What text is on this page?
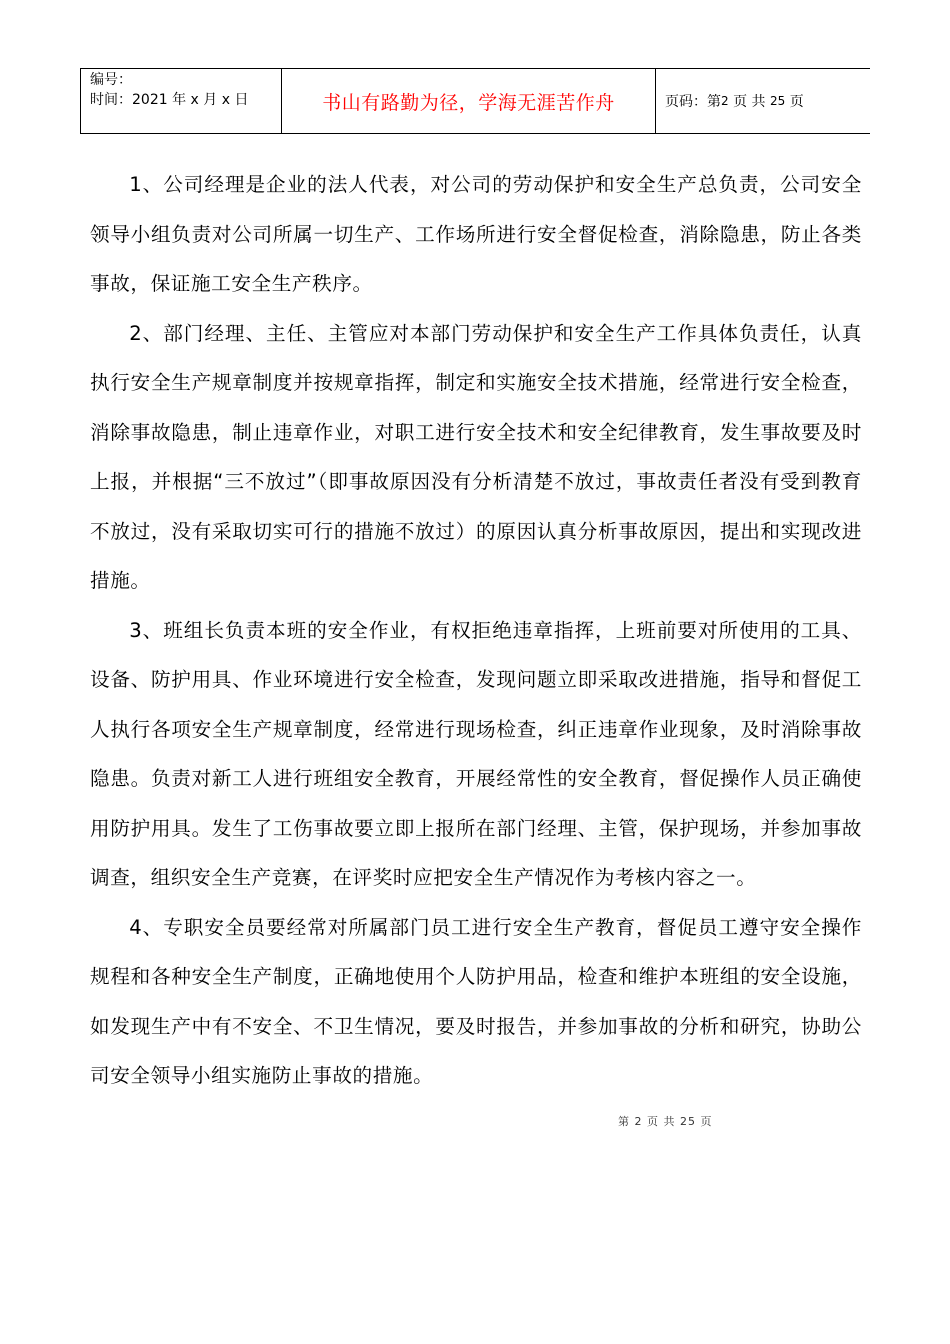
编号：
时间：2021 年 x 月 x 日	书山有路勤为径，学海无涯苦作舟	页码：第 2
页 共
25
页

1、公司经理是企业的法人代表，对公司的劳动保护和安全生产总负责，公司安全领导小组负责对公司所属一切生产、工作场所进行安全督促检查，消除隐患，防止各类事故，保证施工安全生产秩序。

2、部门经理、主任、主管应对本部门劳动保护和安全生产工作具体负责任，认真执行安全生产规章制度并按规章指挥，制定和实施安全技术措施，经常进行安全检查，消除事故隐患，制止违章作业，对职工进行安全技术和安全纪律教育，发生事故要及时上报，并根据“三不放过”（即事故原因没有分析清楚不放过，事故责任者没有受到教育不放过，没有采取切实可行的措施不放过）的原因认真分析事故原因，提出和实现改进措施。

3、班组长负责本班的安全作业，有权拒绝违章指挥，上班前要对所使用的工具、设备、防护用具、作业环境进行安全检查，发现问题立即采取改进措施，指导和督促工人执行各项安全生产规章制度，经常进行现场检查，纠正违章作业现象，及时消除事故隐患。负责对新工人进行班组安全教育，开展经常性的安全教育，督促操作人员正确使用防护用具。发生了工伤事故要立即上报所在部门经理、主管，保护现场，并参加事故调查，组织安全生产竞赛，在评奖时应把安全生产情况作为考核内容之一。

4、专职安全员要经常对所属部门员工进行安全生产教育，督促员工遵守安全操作规程和各种安全生产制度，正确地使用个人防护用品，检查和维护本班组的安全设施，如发现生产中有不安全、不卫生情况，要及时报告，并参加事故的分析和研究，协助公司安全领导小组实施防止事故的措施。

第 2 页 共 25 页
